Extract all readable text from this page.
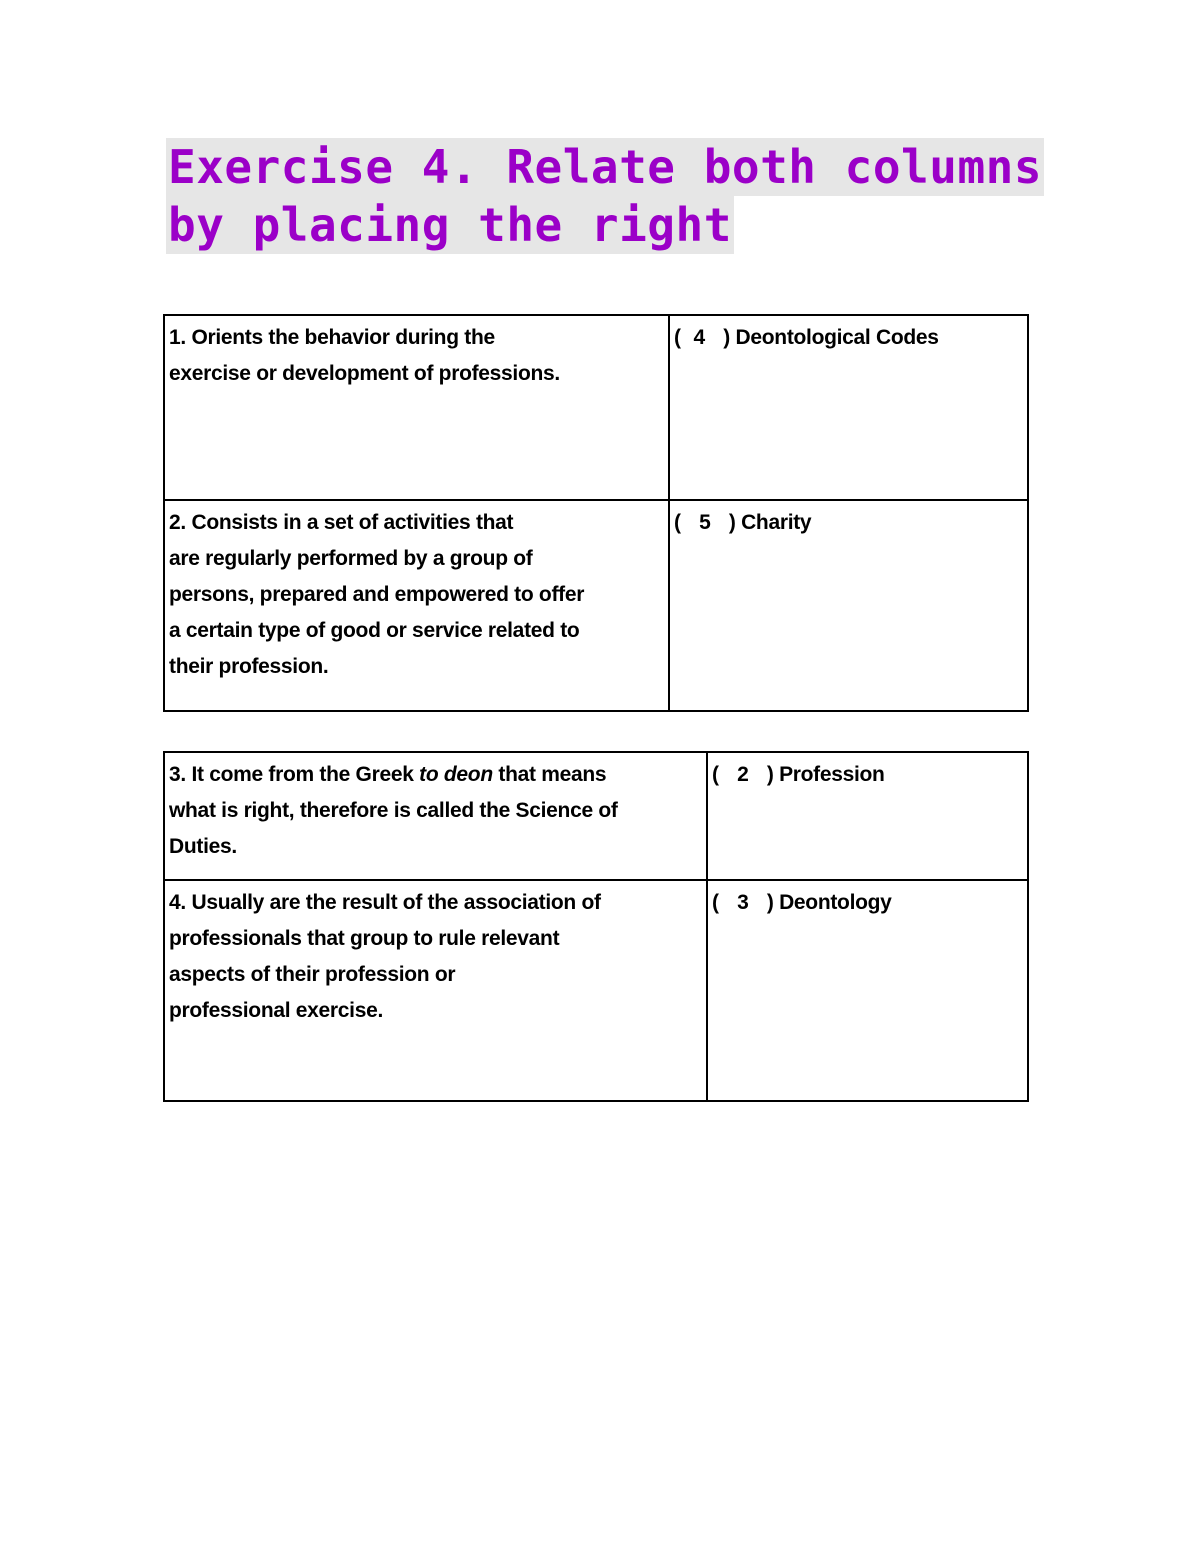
Exercise 4. Relate both columns
by placing the right
1. Orients the behavior during the
exercise or development of professions.	( 4  ) Deontological Codes

2. Consists in a set of activities that
are regularly performed by a group of
persons, prepared and empowered to offer
a certain type of good or service related to
their profession.	(  5  ) Charity
3. It come from the Greek to deon that means
what is right, therefore is called the Science of
Duties.	(  2  ) Profession

4. Usually are the result of the association of
professionals that group to rule relevant
aspects of their profession or
professional exercise.	(  3  ) Deontology
